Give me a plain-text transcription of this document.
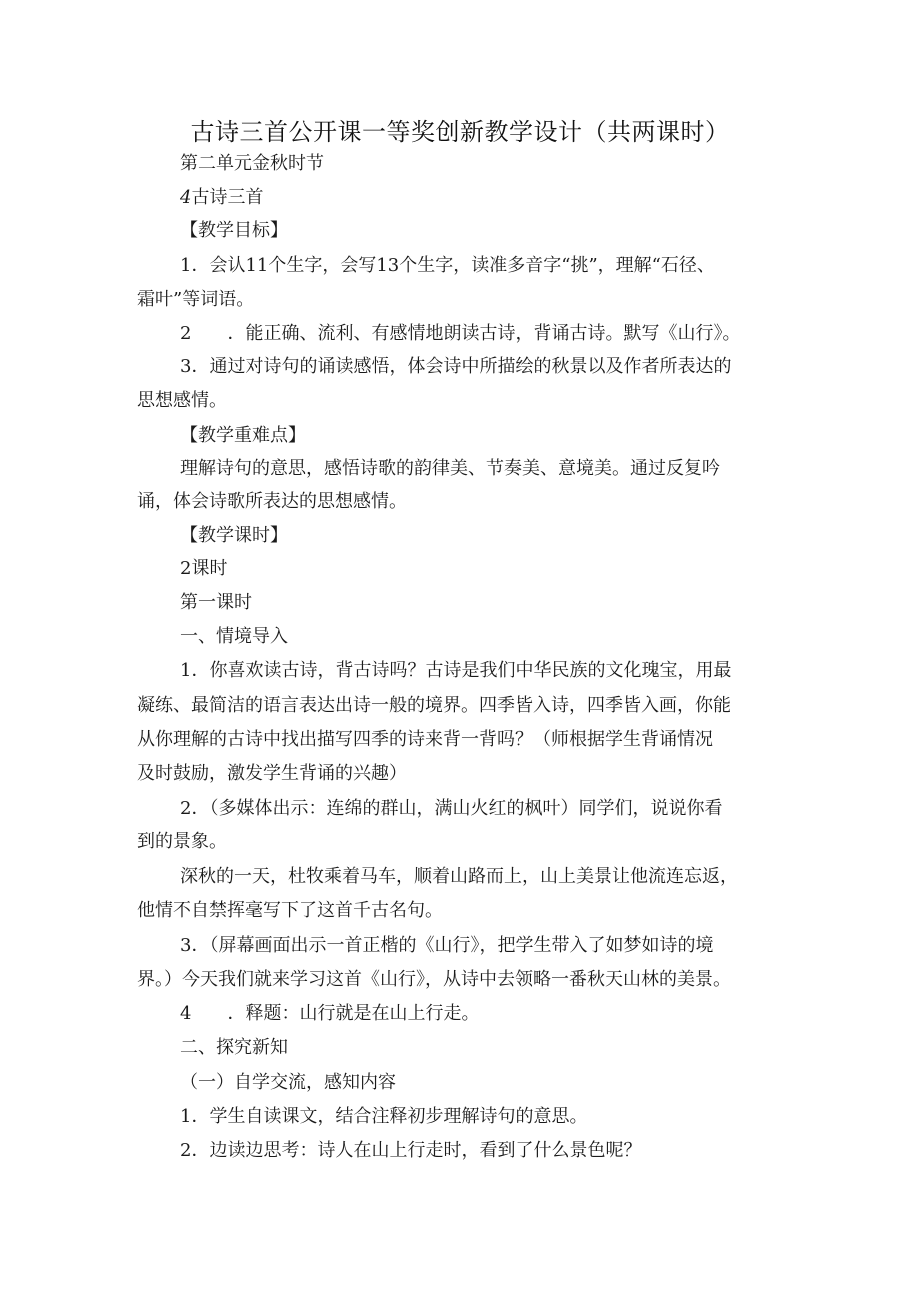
古诗三首公开课一等奖创新教学设计（共两课时）
第二单元金秋时节
4古诗三首
【教学目标】
1．会认11个生字，会写13个生字，读准多音字“挑”，理解“石径、
霜叶”等词语。
2　　．能正确、流利、有感情地朗读古诗，背诵古诗。默写《山行》。
3．通过对诗句的诵读感悟，体会诗中所描绘的秋景以及作者所表达的
思想感情。
【教学重难点】
理解诗句的意思，感悟诗歌的韵律美、节奏美、意境美。通过反复吟
诵，体会诗歌所表达的思想感情。
【教学课时】
2课时
第一课时
一、情境导入
1．你喜欢读古诗，背古诗吗？古诗是我们中华民族的文化瑰宝，用最
凝练、最简洁的语言表达出诗一般的境界。四季皆入诗，四季皆入画，你能
从你理解的古诗中找出描写四季的诗来背一背吗？（师根据学生背诵情况
及时鼓励，激发学生背诵的兴趣）
2．（多媒体出示：连绵的群山，满山火红的枫叶）同学们，说说你看
到的景象。
深秋的一天，杜牧乘着马车，顺着山路而上，山上美景让他流连忘返，
他情不自禁挥毫写下了这首千古名句。
3．（屏幕画面出示一首正楷的《山行》，把学生带入了如梦如诗的境
界。）今天我们就来学习这首《山行》，从诗中去领略一番秋天山林的美景。
4　　．释题：山行就是在山上行走。
二、探究新知
（一）自学交流，感知内容
1．学生自读课文，结合注释初步理解诗句的意思。
2．边读边思考：诗人在山上行走时，看到了什么景色呢？
